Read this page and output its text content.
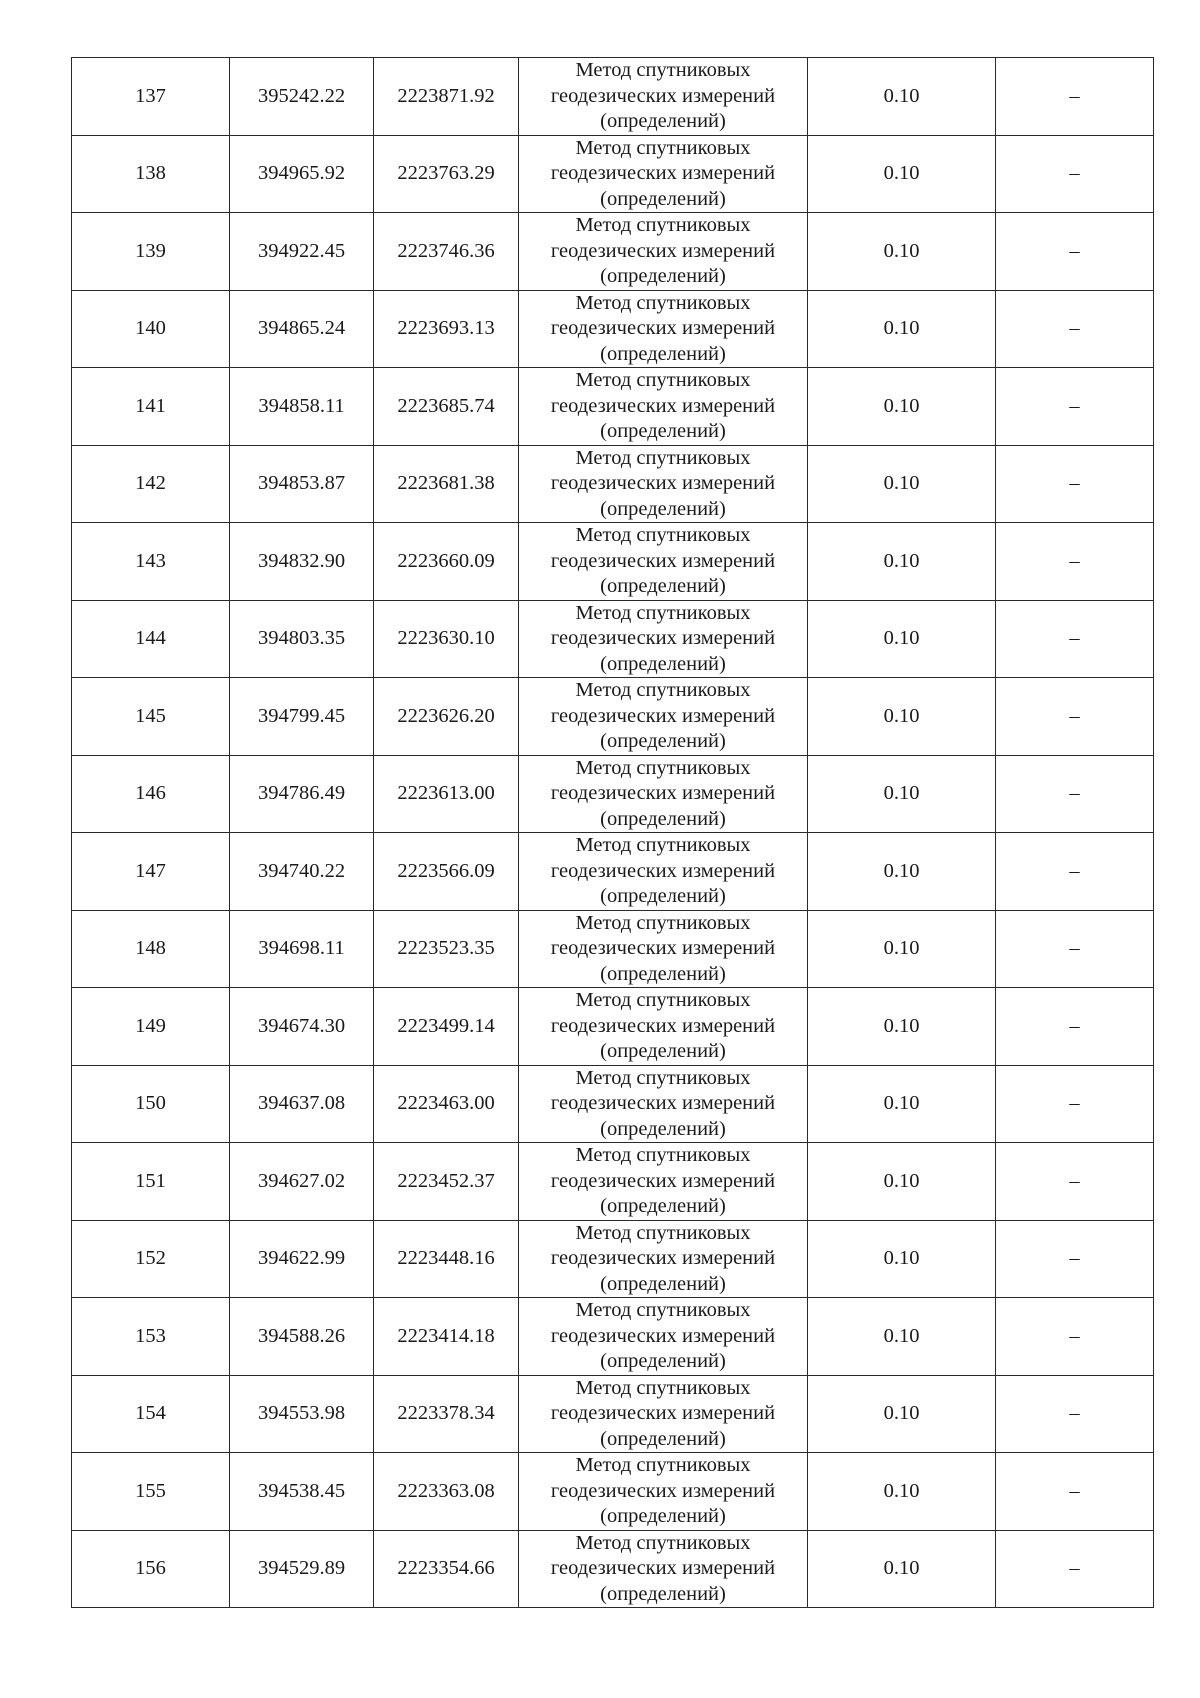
137	395242.22	2223871.92	Метод спутниковых
геодезических измерений
(определений)	0.10	–
138	394965.92	2223763.29	Метод спутниковых
геодезических измерений
(определений)	0.10	–
139	394922.45	2223746.36	Метод спутниковых
геодезических измерений
(определений)	0.10	–
140	394865.24	2223693.13	Метод спутниковых
геодезических измерений
(определений)	0.10	–
141	394858.11	2223685.74	Метод спутниковых
геодезических измерений
(определений)	0.10	–
142	394853.87	2223681.38	Метод спутниковых
геодезических измерений
(определений)	0.10	–
143	394832.90	2223660.09	Метод спутниковых
геодезических измерений
(определений)	0.10	–
144	394803.35	2223630.10	Метод спутниковых
геодезических измерений
(определений)	0.10	–
145	394799.45	2223626.20	Метод спутниковых
геодезических измерений
(определений)	0.10	–
146	394786.49	2223613.00	Метод спутниковых
геодезических измерений
(определений)	0.10	–
147	394740.22	2223566.09	Метод спутниковых
геодезических измерений
(определений)	0.10	–
148	394698.11	2223523.35	Метод спутниковых
геодезических измерений
(определений)	0.10	–
149	394674.30	2223499.14	Метод спутниковых
геодезических измерений
(определений)	0.10	–
150	394637.08	2223463.00	Метод спутниковых
геодезических измерений
(определений)	0.10	–
151	394627.02	2223452.37	Метод спутниковых
геодезических измерений
(определений)	0.10	–
152	394622.99	2223448.16	Метод спутниковых
геодезических измерений
(определений)	0.10	–
153	394588.26	2223414.18	Метод спутниковых
геодезических измерений
(определений)	0.10	–
154	394553.98	2223378.34	Метод спутниковых
геодезических измерений
(определений)	0.10	–
155	394538.45	2223363.08	Метод спутниковых
геодезических измерений
(определений)	0.10	–
156	394529.89	2223354.66	Метод спутниковых
геодезических измерений
(определений)	0.10	–
